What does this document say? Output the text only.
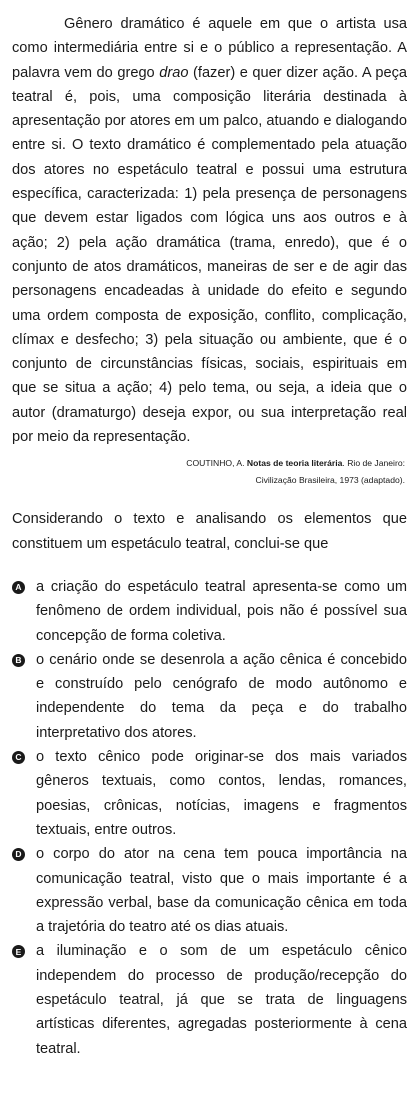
Gênero dramático é aquele em que o artista usa como intermediária entre si e o público a representação. A palavra vem do grego drao (fazer) e quer dizer ação. A peça teatral é, pois, uma composição literária destinada à apresentação por atores em um palco, atuando e dialogando entre si. O texto dramático é complementado pela atuação dos atores no espetáculo teatral e possui uma estrutura específica, caracterizada: 1) pela presença de personagens que devem estar ligados com lógica uns aos outros e à ação; 2) pela ação dramática (trama, enredo), que é o conjunto de atos dramáticos, maneiras de ser e de agir das personagens encadeadas à unidade do efeito e segundo uma ordem composta de exposição, conflito, complicação, clímax e desfecho; 3) pela situação ou ambiente, que é o conjunto de circunstâncias físicas, sociais, espirituais em que se situa a ação; 4) pelo tema, ou seja, a ideia que o autor (dramaturgo) deseja expor, ou sua interpretação real por meio da representação.

COUTINHO, A. Notas de teoria literária. Rio de Janeiro:
Civilização Brasileira, 1973 (adaptado).

Considerando o texto e analisando os elementos que constituem um espetáculo teatral, conclui-se que

A a criação do espetáculo teatral apresenta-se como um fenômeno de ordem individual, pois não é possível sua concepção de forma coletiva.
B o cenário onde se desenrola a ação cênica é concebido e construído pelo cenógrafo de modo autônomo e independente do tema da peça e do trabalho interpretativo dos atores.
C o texto cênico pode originar-se dos mais variados gêneros textuais, como contos, lendas, romances, poesias, crônicas, notícias, imagens e fragmentos textuais, entre outros.
D o corpo do ator na cena tem pouca importância na comunicação teatral, visto que o mais importante é a expressão verbal, base da comunicação cênica em toda a trajetória do teatro até os dias atuais.
E a iluminação e o som de um espetáculo cênico independem do processo de produção/recepção do espetáculo teatral, já que se trata de linguagens artísticas diferentes, agregadas posteriormente à cena teatral.
